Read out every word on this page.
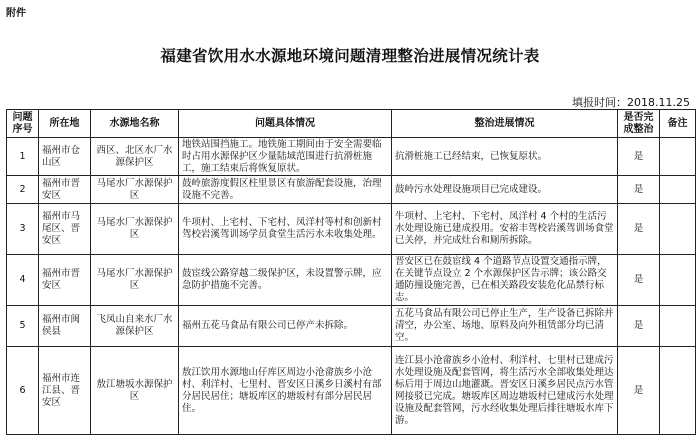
附件
福建省饮用水水源地环境问题清理整治进展情况统计表
填报时间：2018.11.25
问题序号	所在地	水源地名称	问题具体情况	整治进展情况	是否完成整治	备注
1	福州市仓山区	西区、北区水厂水源保护区	地铁站围挡施工。地铁施工期间由于安全需要临时占用水源保护区少量陆域范围进行抗滑桩施工，施工结束后将恢复原状。	抗滑桩施工已经结束，已恢复原状。	是	
2	福州市晋安区	马尾水厂水源保护区	鼓岭旅游度假区柱里景区有旅游配套设施，治理设施不完善。	鼓岭污水处理设施项目已完成建设。	是	
3	福州市马尾区、晋安区	马尾水厂水源保护区	牛项村、上宅村、下宅村、凤洋村等村和创新村驾校岩溪驾训场学员食堂生活污水未收集处理。	牛项村、上宅村、下宅村、凤洋村 4 个村的生活污水处理设施已建成投用。安裕丰驾校岩溪驾训场食堂已关停，并完成灶台和厕所拆除。	是	
4	福州市晋安区	马尾水厂水源保护区	鼓宦线公路穿越二级保护区，未设置警示牌，应急防护措施不完善。	晋安区已在鼓宦线 4 个道路节点设置交通指示牌，在关键节点设立 2 个水源保护区告示牌；该公路交通防撞设施完善，已在相关路段安装危化品禁行标志。	是	
5	福州市闽侯县	飞凤山自来水厂水源保护区	福州五花马食品有限公司已停产未拆除。	五花马食品有限公司已停止生产，生产设备已拆除并清空，办公室、场地、原料及向外租赁部分均已清空。	是	
6	福州市连江县、晋安区	敖江塘坂水源保护区	敖江饮用水源地山仔库区周边小沧畲族乡小沧村、利洋村、七里村、晋安区日溪乡日溪村有部分居民居住；塘坂库区的塘坂村有部分居民居住。	连江县小沧畲族乡小沧村、利洋村、七里村已建成污水处理设施及配套管网，将生活污水全部收集处理达标后用于周边山地灌溉。晋安区日溪乡居民点污水管网接驳已完成。塘坂库区周边塘坂村已建成污水处理设施及配套管网，污水经收集处理后排往塘坂水库下游。	是	
